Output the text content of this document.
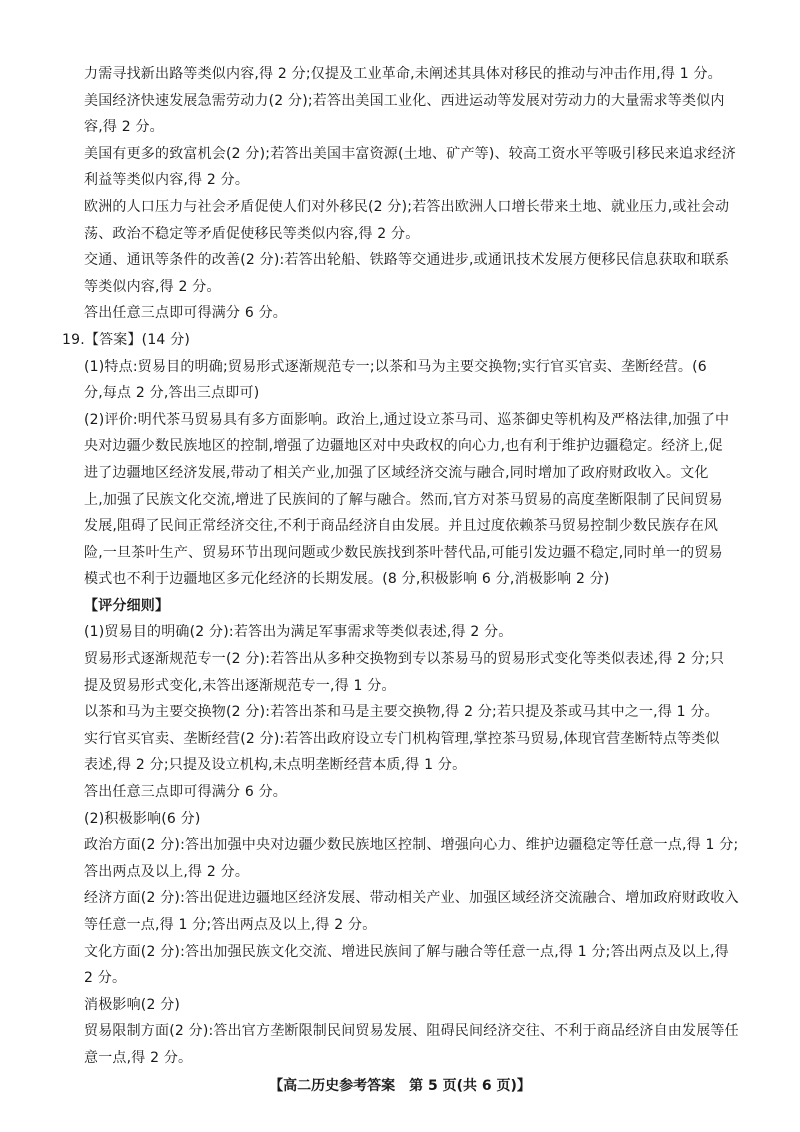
力需寻找新出路等类似内容,得 2 分;仅提及工业革命,未阐述其具体对移民的推动与冲击作用,得 1 分。
美国经济快速发展急需劳动力(2 分);若答出美国工业化、西进运动等发展对劳动力的大量需求等类似内
容,得 2 分。
美国有更多的致富机会(2 分);若答出美国丰富资源(土地、矿产等)、较高工资水平等吸引移民来追求经济
利益等类似内容,得 2 分。
欧洲的人口压力与社会矛盾促使人们对外移民(2 分);若答出欧洲人口增长带来土地、就业压力,或社会动
荡、政治不稳定等矛盾促使移民等类似内容,得 2 分。
交通、通讯等条件的改善(2 分):若答出轮船、铁路等交通进步,或通讯技术发展方便移民信息获取和联系
等类似内容,得 2 分。
答出任意三点即可得满分 6 分。
19.【答案】(14 分)
(1)特点:贸易目的明确;贸易形式逐渐规范专一;以茶和马为主要交换物;实行官买官卖、垄断经营。(6
分,每点 2 分,答出三点即可)
(2)评价:明代茶马贸易具有多方面影响。政治上,通过设立茶马司、巡茶御史等机构及严格法律,加强了中
央对边疆少数民族地区的控制,增强了边疆地区对中央政权的向心力,也有利于维护边疆稳定。经济上,促
进了边疆地区经济发展,带动了相关产业,加强了区域经济交流与融合,同时增加了政府财政收入。文化
上,加强了民族文化交流,增进了民族间的了解与融合。然而,官方对茶马贸易的高度垄断限制了民间贸易
发展,阻碍了民间正常经济交往,不利于商品经济自由发展。并且过度依赖茶马贸易控制少数民族存在风
险,一旦茶叶生产、贸易环节出现问题或少数民族找到茶叶替代品,可能引发边疆不稳定,同时单一的贸易
模式也不利于边疆地区多元化经济的长期发展。(8 分,积极影响 6 分,消极影响 2 分)
【评分细则】
(1)贸易目的明确(2 分):若答出为满足军事需求等类似表述,得 2 分。
贸易形式逐渐规范专一(2 分):若答出从多种交换物到专以茶易马的贸易形式变化等类似表述,得 2 分;只
提及贸易形式变化,未答出逐渐规范专一,得 1 分。
以茶和马为主要交换物(2 分):若答出茶和马是主要交换物,得 2 分;若只提及茶或马其中之一,得 1 分。
实行官买官卖、垄断经营(2 分):若答出政府设立专门机构管理,掌控茶马贸易,体现官营垄断特点等类似
表述,得 2 分;只提及设立机构,未点明垄断经营本质,得 1 分。
答出任意三点即可得满分 6 分。
(2)积极影响(6 分)
政治方面(2 分):答出加强中央对边疆少数民族地区控制、增强向心力、维护边疆稳定等任意一点,得 1 分;
答出两点及以上,得 2 分。
经济方面(2 分):答出促进边疆地区经济发展、带动相关产业、加强区域经济交流融合、增加政府财政收入
等任意一点,得 1 分;答出两点及以上,得 2 分。
文化方面(2 分):答出加强民族文化交流、增进民族间了解与融合等任意一点,得 1 分;答出两点及以上,得
2 分。
消极影响(2 分)
贸易限制方面(2 分):答出官方垄断限制民间贸易发展、阻碍民间经济交往、不利于商品经济自由发展等任
意一点,得 2 分。
【高二历史参考答案　第 5 页(共 6 页)】
